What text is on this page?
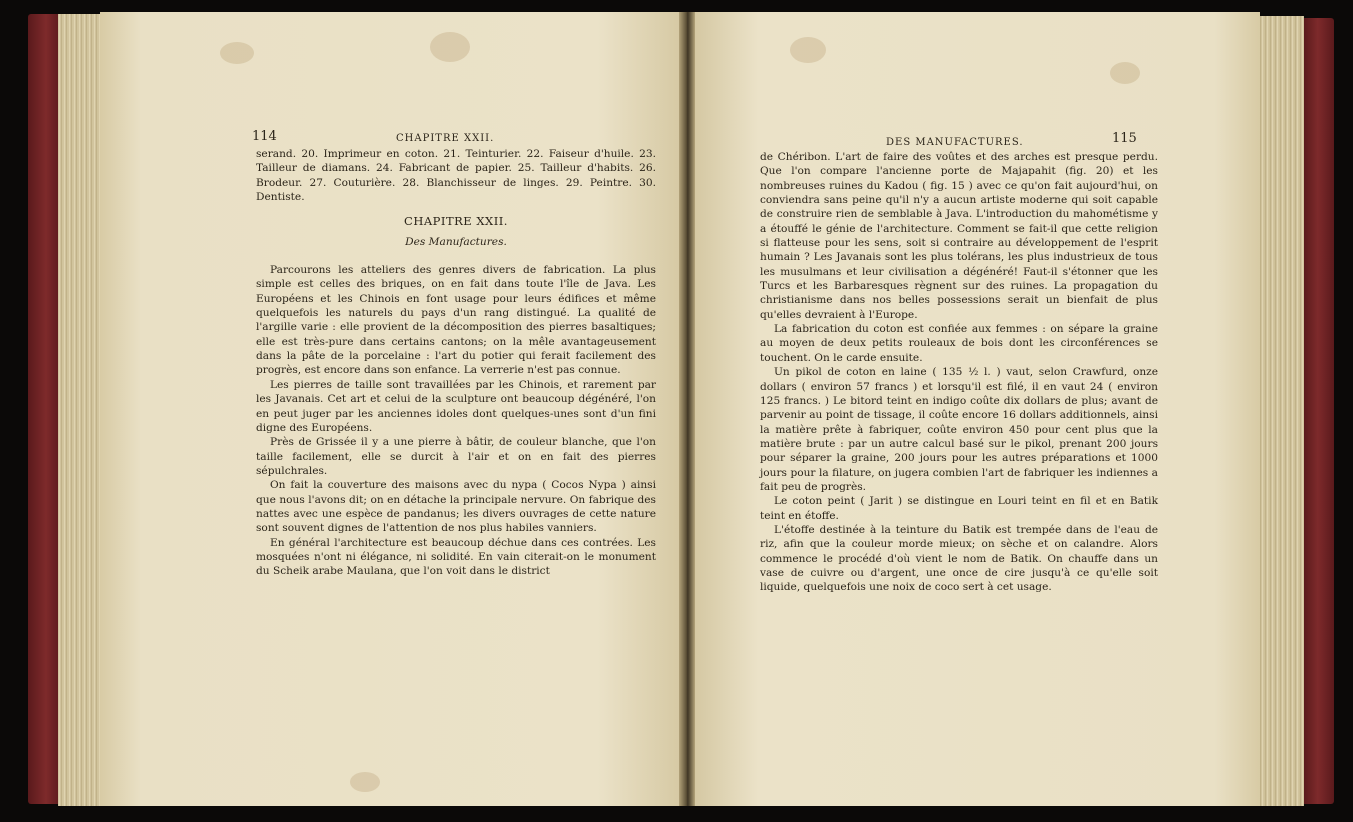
114	CHAPITRE XXII.

serand. 20. Imprimeur en coton. 21. Teinturier. 22. Faiseur d'huile. 23. Tailleur de diamans. 24. Fabricant de papier. 25. Tailleur d'habits. 26. Brodeur. 27. Couturière. 28. Blanchisseur de linges. 29. Peintre. 30. Dentiste.

CHAPITRE XXII.
Des Manufactures.

Parcourons les atteliers des genres divers de fabrication. La plus simple est celles des briques, on en fait dans toute l'île de Java. Les Européens et les Chinois en font usage pour leurs édifices et même quelquefois les naturels du pays d'un rang distingué. La qualité de l'argille varie : elle provient de la décomposition des pierres basaltiques; elle est très-pure dans certains cantons; on la mêle avantageusement dans la pâte de la porcelaine : l'art du potier qui ferait facilement des progrès, est encore dans son enfance. La verrerie n'est pas connue.

Les pierres de taille sont travaillées par les Chinois, et rarement par les Javanais. Cet art et celui de la sculpture ont beaucoup dégénéré, l'on en peut juger par les anciennes idoles dont quelques-unes sont d'un fini digne des Européens.

Près de Grissée il y a une pierre à bâtir, de couleur blanche, que l'on taille facilement, elle se durcit à l'air et on en fait des pierres sépulchrales.

On fait la couverture des maisons avec du nypa ( Cocos Nypa ) ainsi que nous l'avons dit; on en détache la principale nervure. On fabrique des nattes avec une espèce de pandanus; les divers ouvrages de cette nature sont souvent dignes de l'attention de nos plus habiles vanniers.

En général l'architecture est beaucoup déchue dans ces contrées. Les mosquées n'ont ni élégance, ni solidité. En vain citerait-on le monument du Scheik arabe Maulana, que l'on voit dans le district

DES MANUFACTURES.	115

de Chéribon. L'art de faire des voûtes et des arches est presque perdu. Que l'on compare l'ancienne porte de Majapahit (fig. 20) et les nombreuses ruines du Kadou ( fig. 15 ) avec ce qu'on fait aujourd'hui, on conviendra sans peine qu'il n'y a aucun artiste moderne qui soit capable de construire rien de semblable à Java. L'introduction du mahométisme y a étouffé le génie de l'architecture. Comment se fait-il que cette religion si flatteuse pour les sens, soit si contraire au développement de l'esprit humain ? Les Javanais sont les plus tolérans, les plus industrieux de tous les musulmans et leur civilisation a dégénéré! Faut-il s'étonner que les Turcs et les Barbaresques règnent sur des ruines. La propagation du christianisme dans nos belles possessions serait un bienfait de plus qu'elles devraient à l'Europe.

La fabrication du coton est confiée aux femmes : on sépare la graine au moyen de deux petits rouleaux de bois dont les circonférences se touchent. On le carde ensuite.

Un pikol de coton en laine ( 135 ½ l. ) vaut, selon Crawfurd, onze dollars ( environ 57 francs ) et lorsqu'il est filé, il en vaut 24 ( environ 125 francs. ) Le bitord teint en indigo coûte dix dollars de plus; avant de parvenir au point de tissage, il coûte encore 16 dollars additionnels, ainsi la matière prête à fabriquer, coûte environ 450 pour cent plus que la matière brute : par un autre calcul basé sur le pikol, prenant 200 jours pour séparer la graine, 200 jours pour les autres préparations et 1000 jours pour la filature, on jugera combien l'art de fabriquer les indiennes a fait peu de progrès.

Le coton peint ( Jarit ) se distingue en Louri teint en fil et en Batik teint en étoffe.

L'étoffe destinée à la teinture du Batik est trempée dans de l'eau de riz, afin que la couleur morde mieux; on sèche et on calandre. Alors commence le procédé d'où vient le nom de Batik. On chauffe dans un vase de cuivre ou d'argent, une once de cire jusqu'à ce qu'elle soit liquide, quelquefois une noix de coco sert à cet usage.
